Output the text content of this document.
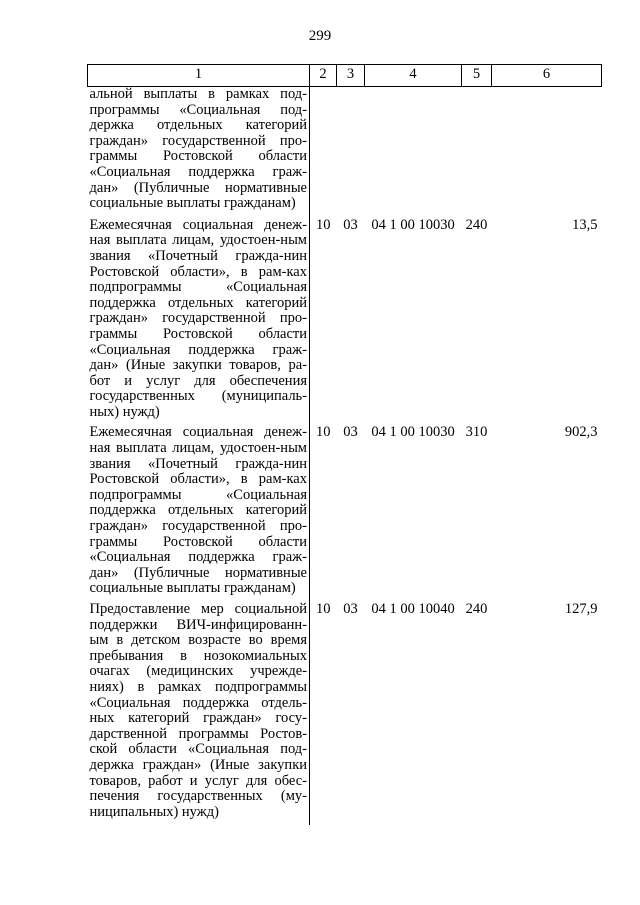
299
1	2	3	4	5	6
альной выплаты в рамках под-программы «Социальная под-держка отдельных категорий граждан» государственной про-граммы Ростовской области «Социальная поддержка граж-дан» (Публичные нормативные социальные выплаты гражданам)					
Ежемесячная социальная денеж-ная выплата лицам, удостоен-ным звания «Почетный гражда-нин Ростовской области», в рам-ках подпрограммы «Социальная поддержка отдельных категорий граждан» государственной про-граммы Ростовской области «Социальная поддержка граж-дан» (Иные закупки товаров, ра-бот и услуг для обеспечения государственных (муниципаль-ных) нужд)	10	03	04 1 00 10030	240	13,5
Ежемесячная социальная денеж-ная выплата лицам, удостоен-ным звания «Почетный гражда-нин Ростовской области», в рам-ках подпрограммы «Социальная поддержка отдельных категорий граждан» государственной про-граммы Ростовской области «Социальная поддержка граж-дан» (Публичные нормативные социальные выплаты гражданам)	10	03	04 1 00 10030	310	902,3
Предоставление мер социальной поддержки ВИЧ-инфицированн-ым в детском возрасте во время пребывания в нозокомиальных очагах (медицинских учрежде-ниях) в рамках подпрограммы «Социальная поддержка отдель-ных категорий граждан» госу-дарственной программы Ростов-ской области «Социальная под-держка граждан» (Иные закупки товаров, работ и услуг для обес-печения государственных (му-ниципальных) нужд)	10	03	04 1 00 10040	240	127,9
